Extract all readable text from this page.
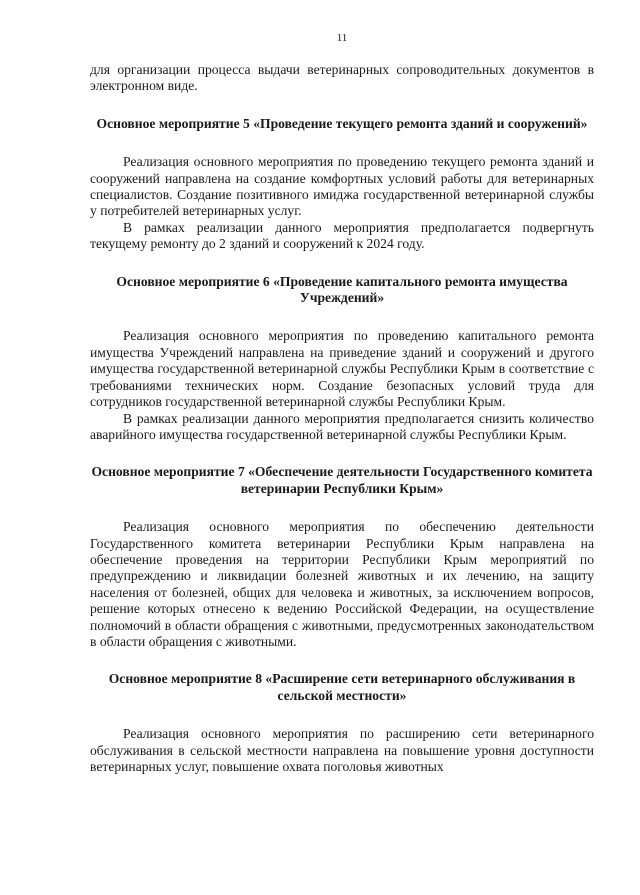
11

для организации процесса выдачи ветеринарных сопроводительных документов в электронном виде.

Основное мероприятие 5 «Проведение текущего ремонта зданий и сооружений»

Реализация основного мероприятия по проведению текущего ремонта зданий и сооружений направлена на создание комфортных условий работы для ветеринарных специалистов. Создание позитивного имиджа государственной ветеринарной службы у потребителей ветеринарных услуг.

В рамках реализации данного мероприятия предполагается подвергнуть текущему ремонту до 2 зданий и сооружений к 2024 году.

Основное мероприятие 6 «Проведение капитального ремонта имущества Учреждений»

Реализация основного мероприятия по проведению капитального ремонта имущества Учреждений направлена на приведение зданий и сооружений и другого имущества государственной ветеринарной службы Республики Крым в соответствие с требованиями технических норм. Создание безопасных условий труда для сотрудников государственной ветеринарной службы Республики Крым.

В рамках реализации данного мероприятия предполагается снизить количество аварийного имущества государственной ветеринарной службы Республики Крым.

Основное мероприятие 7 «Обеспечение деятельности Государственного комитета ветеринарии Республики Крым»

Реализация основного мероприятия по обеспечению деятельности Государственного комитета ветеринарии Республики Крым направлена на обеспечение проведения на территории Республики Крым мероприятий по предупреждению и ликвидации болезней животных и их лечению, на защиту населения от болезней, общих для человека и животных, за исключением вопросов, решение которых отнесено к ведению Российской Федерации, на осуществление полномочий в области обращения с животными, предусмотренных законодательством в области обращения с животными.

Основное мероприятие 8 «Расширение сети ветеринарного обслуживания в сельской местности»

Реализация основного мероприятия по расширению сети ветеринарного обслуживания в сельской местности направлена на повышение уровня доступности ветеринарных услуг, повышение охвата поголовья животных
